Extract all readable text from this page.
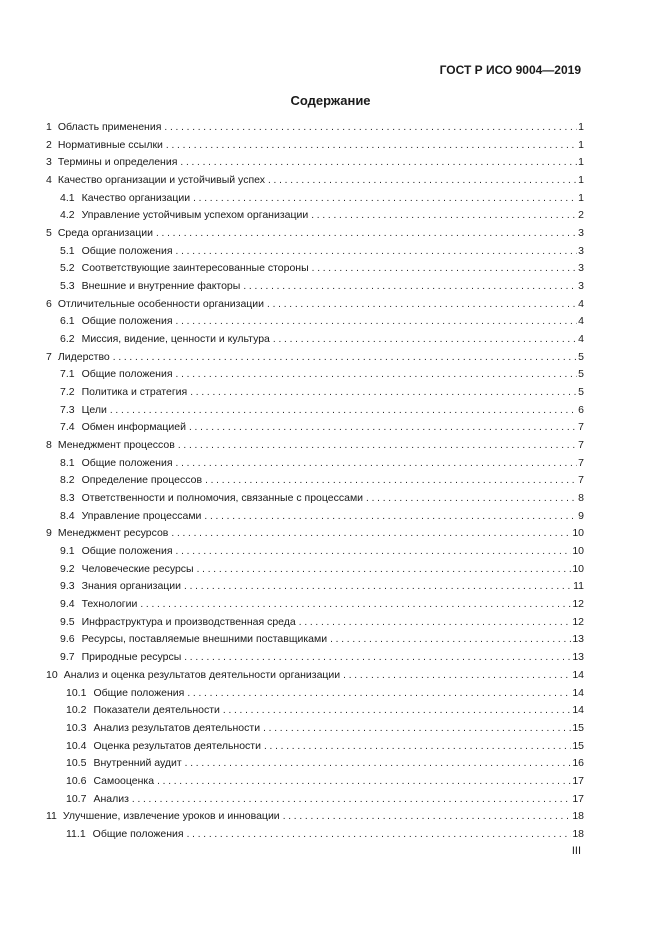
ГОСТ Р ИСО 9004—2019
Содержание
1 Область применения . . .	1
2 Нормативные ссылки . . .	1
3 Термины и определения . . .	1
4 Качество организации и устойчивый успех . . .	1
4.1 Качество организации . . .	1
4.2 Управление устойчивым успехом организации . . .	2
5 Среда организации . . .	3
5.1 Общие положения . . .	3
5.2 Соответствующие заинтересованные стороны . . .	3
5.3 Внешние и внутренние факторы . . .	3
6 Отличительные особенности организации . . .	4
6.1 Общие положения . . .	4
6.2 Миссия, видение, ценности и культура . . .	4
7 Лидерство . . .	5
7.1 Общие положения . . .	5
7.2 Политика и стратегия . . .	5
7.3 Цели . . .	6
7.4 Обмен информацией . . .	7
8 Менеджмент процессов . . .	7
8.1 Общие положения . . .	7
8.2 Определение процессов . . .	7
8.3 Ответственности и полномочия, связанные с процессами . . .	8
8.4 Управление процессами . . .	9
9 Менеджмент ресурсов . . .	10
9.1 Общие положения . . .	10
9.2 Человеческие ресурсы . . .	10
9.3 Знания организации . . .	11
9.4 Технологии . . .	12
9.5 Инфраструктура и производственная среда . . .	12
9.6 Ресурсы, поставляемые внешними поставщиками . . .	13
9.7 Природные ресурсы . . .	13
10 Анализ и оценка результатов деятельности организации . . .	14
10.1 Общие положения . . .	14
10.2 Показатели деятельности . . .	14
10.3 Анализ результатов деятельности . . .	15
10.4 Оценка результатов деятельности . . .	15
10.5 Внутренний аудит . . .	16
10.6 Самооценка . . .	17
10.7 Анализ . . .	17
11 Улучшение, извлечение уроков и инновации . . .	18
11.1 Общие положения . . .	18
III
